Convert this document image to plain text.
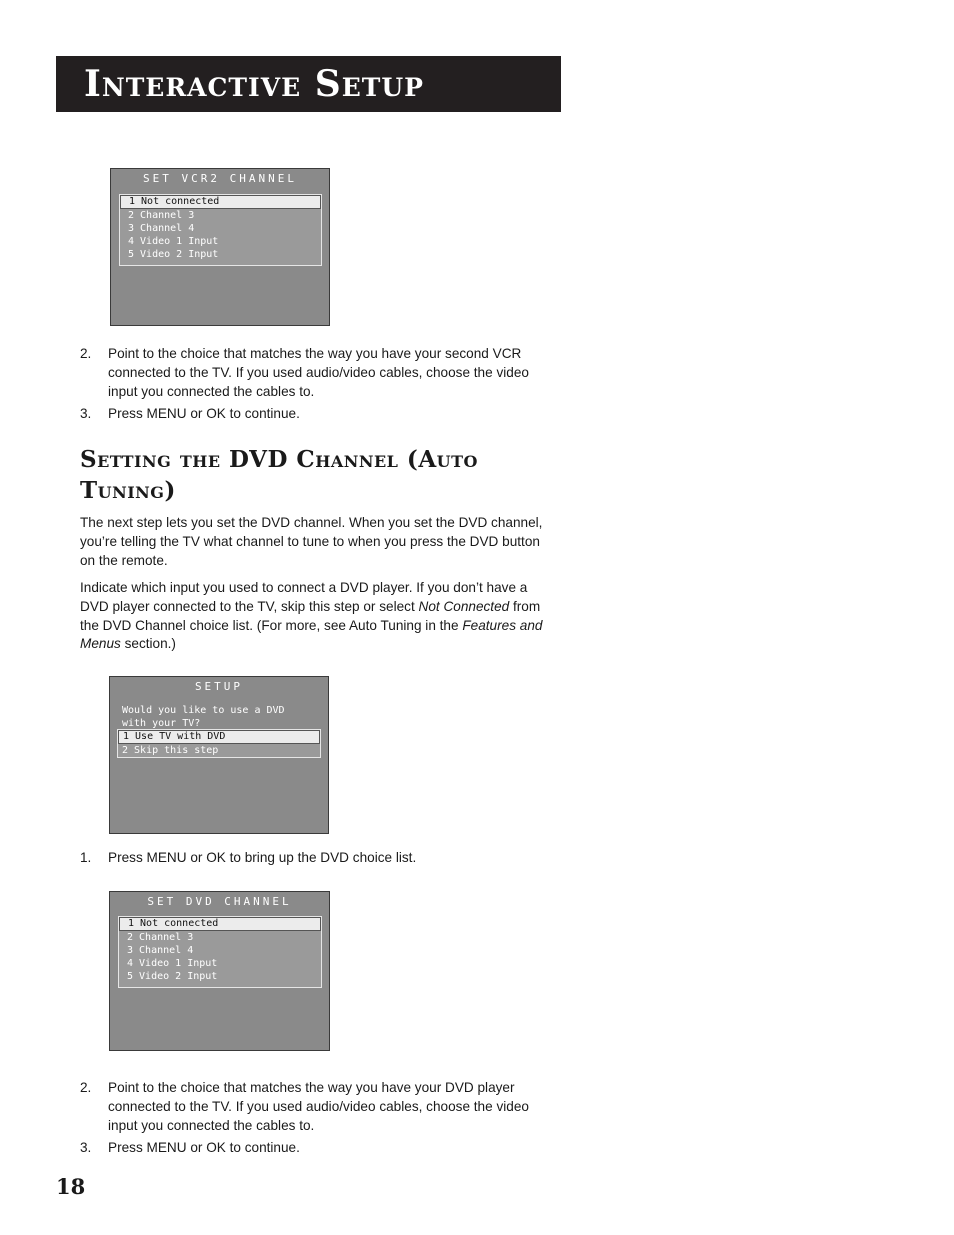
Interactive Setup
SET VCR2 CHANNEL
1 Not connected
2 Channel 3
3 Channel 4
4 Video 1 Input
5 Video 2 Input
2. Point to the choice that matches the way you have your second VCR connected to the TV. If you used audio/video cables, choose the video input you connected the cables to.
3. Press MENU or OK to continue.
Setting the DVD Channel (Auto Tuning)

The next step lets you set the DVD channel. When you set the DVD channel, you’re telling the TV what channel to tune to when you press the DVD button on the remote.

Indicate which input you used to connect a DVD player. If you don’t have a DVD player connected to the TV, skip this step or select Not Connected from the DVD Channel choice list. (For more, see Auto Tuning in the Features and Menus section.)

SETUP
Would you like to use a DVD
with your TV?
1 Use TV with DVD
2 Skip this step
1. Press MENU or OK to bring up the DVD choice list.
SET DVD CHANNEL
1 Not connected
2 Channel 3
3 Channel 4
4 Video 1 Input
5 Video 2 Input
2. Point to the choice that matches the way you have your DVD player connected to the TV. If you used audio/video cables, choose the video input you connected the cables to.
3. Press MENU or OK to continue.
18
